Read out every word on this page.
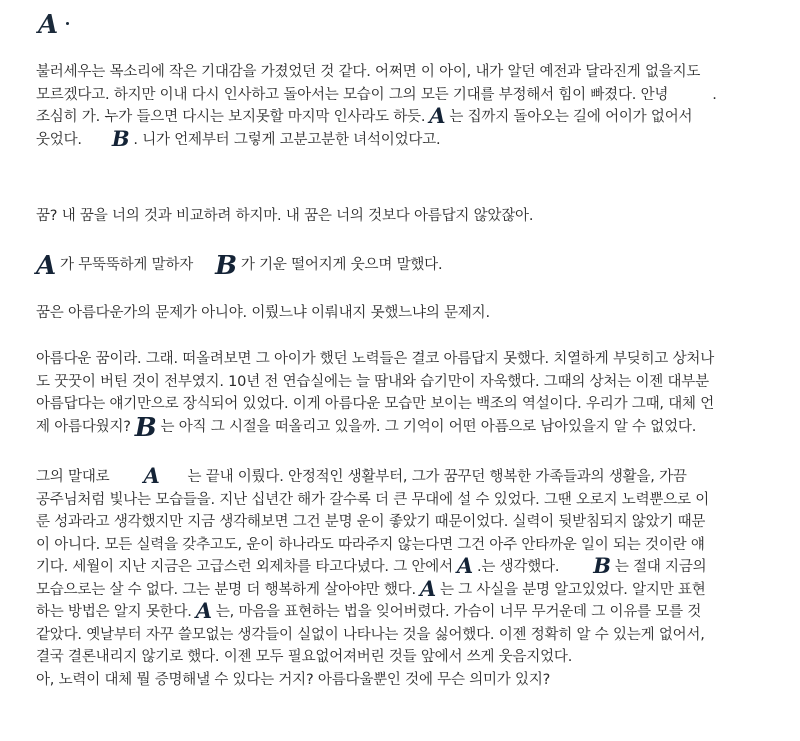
A
불러세우는 목소리에 작은 기대감을 가졌었던 것 같다. 어쩌면 이 아이, 내가 알던 예전과 달라진게 없을지도
모르겠다고. 하지만 이내 다시 인사하고 돌아서는 모습이 그의 모든 기대를 부정해서 힘이 빠졌다. 안녕	.
조심히 가. 누가 들으면 다시는 보지못할 마지막 인사라도 하듯. A 는 집까지 돌아오는 길에 어이가 없어서
웃었다. B . 니가 언제부터 그렇게 고분고분한 녀석이었다고.
꿈? 내 꿈을 너의 것과 비교하려 하지마. 내 꿈은 너의 것보다 아름답지 않았잖아.
A가 무뚝뚝하게 말하자 B 가 기운 떨어지게 웃으며 말했다.
꿈은 아름다운가의 문제가 아니야. 이뤘느냐 이뤄내지 못했느냐의 문제지.
아름다운 꿈이라. 그래. 떠올려보면 그 아이가 했던 노력들은 결코 아름답지 못했다. 치열하게 부딪히고 상처나
도 꿋꿋이 버틴 것이 전부였지. 10년 전 연습실에는 늘 땀내와 습기만이 자욱했다. 그때의 상처는 이젠 대부분
아름답다는 얘기만으로 장식되어 있었다. 이게 아름다운 모습만 보이는 백조의 역설이다. 우리가 그때, 대체 언
제 아름다웠지? B 는 아직 그 시절을 떠올리고 있을까. 그 기억이 어떤 아픔으로 남아있을지 알 수 없었다.
그의 말대로 A 는 끝내 이뤘다. 안정적인 생활부터, 그가 꿈꾸던 행복한 가족들과의 생활을, 가끔
공주님처럼 빛나는 모습들을. 지난 십년간 해가 갈수록 더 큰 무대에 설 수 있었다. 그땐 오로지 노력뿐으로 이
룬 성과라고 생각했지만 지금 생각해보면 그건 분명 운이 좋았기 때문이었다. 실력이 뒷받침되지 않았기 때문
이 아니다. 모든 실력을 갖추고도, 운이 하나라도 따라주지 않는다면 그건 아주 안타까운 일이 되는 것이란 얘
기다. 세월이 지난 지금은 고급스런 외제차를 타고다녔다. 그 안에서 A .는 생각했다. B 는 절대 지금의
모습으로는 살 수 없다. 그는 분명 더 행복하게 살아야만 했다. A 는 그 사실을 분명 알고있었다. 알지만 표현
하는 방법은 알지 못한다. A 는, 마음을 표현하는 법을 잊어버렸다. 가슴이 너무 무거운데 그 이유를 모를 것
같았다. 옛날부터 자꾸 쓸모없는 생각들이 실없이 나타나는 것을 싫어했다. 이젠 정확히 알 수 있는게 없어서,
결국 결론내리지 않기로 했다. 이젠 모두 필요없어져버린 것들 앞에서 쓰게 웃음지었다.
아, 노력이 대체 뭘 증명해낼 수 있다는 거지? 아름다울뿐인 것에 무슨 의미가 있지?
